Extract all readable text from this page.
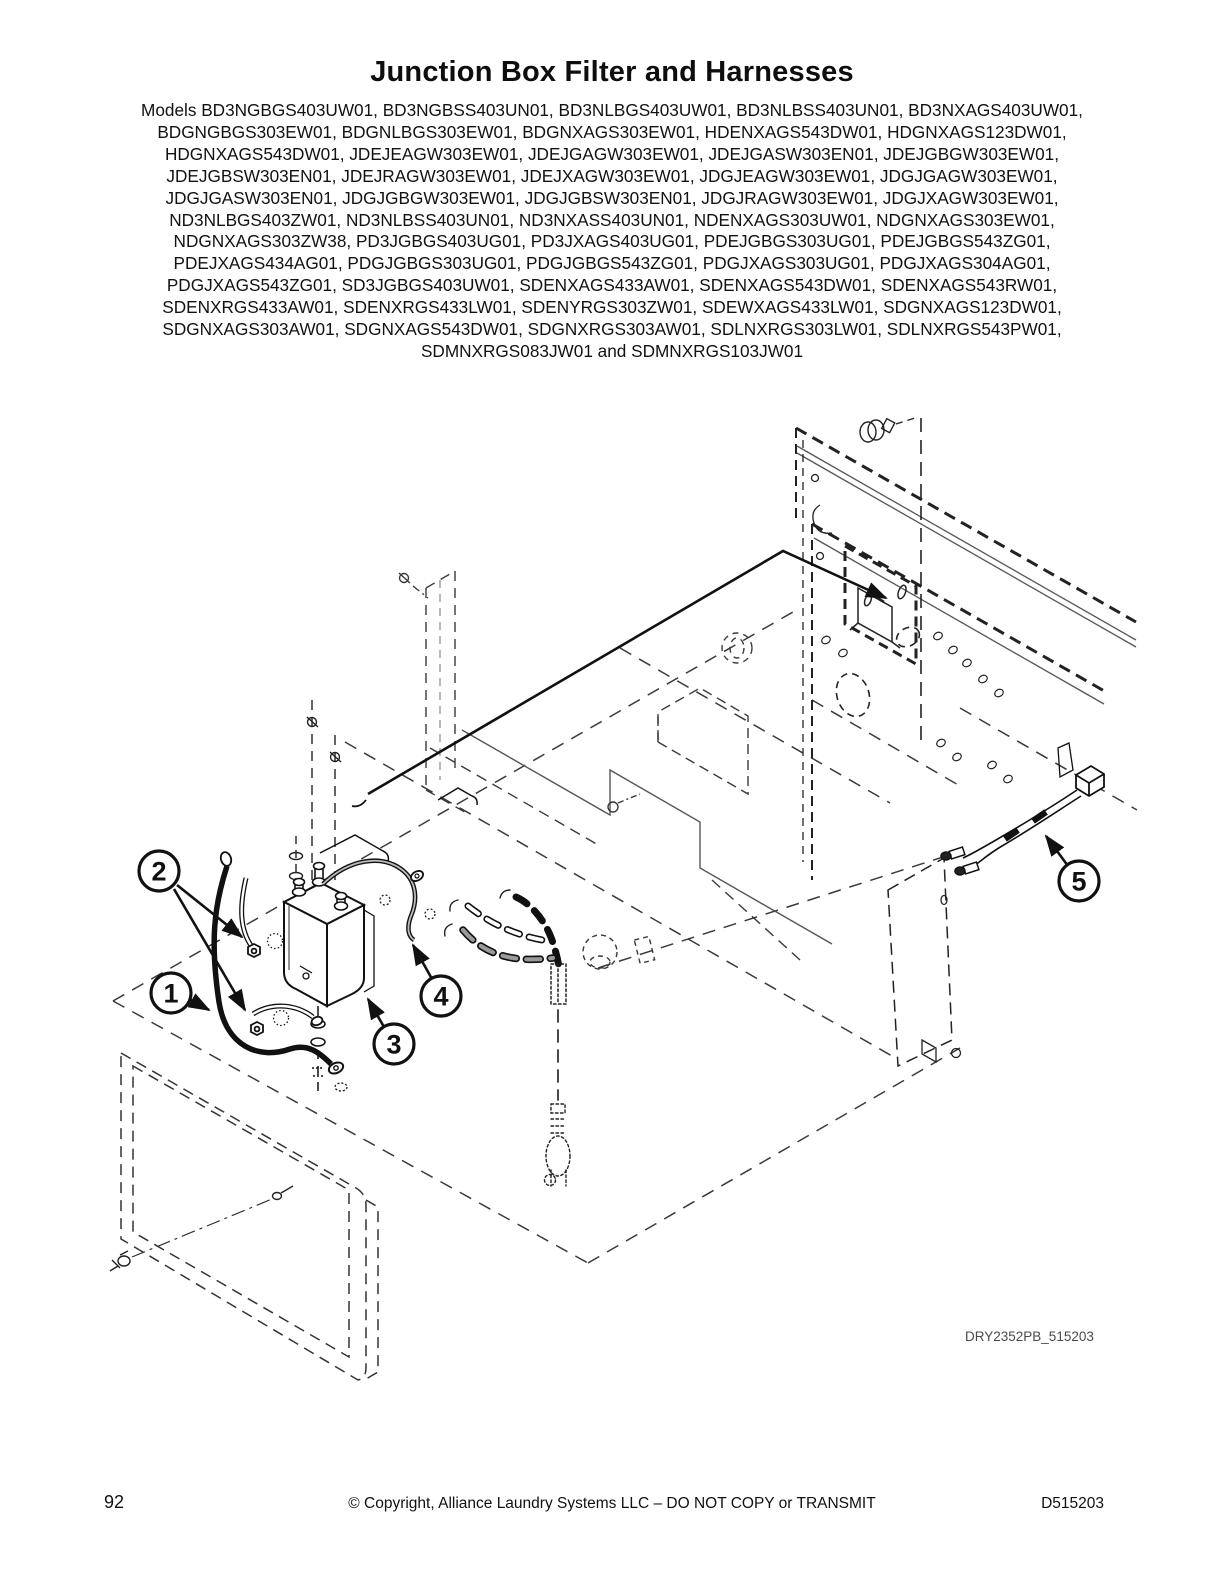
Junction Box Filter and Harnesses
Models BD3NGBGS403UW01, BD3NGBSS403UN01, BD3NLBGS403UW01, BD3NLBSS403UN01, BD3NXAGS403UW01,
BDGNGBGS303EW01, BDGNLBGS303EW01, BDGNXAGS303EW01, HDENXAGS543DW01, HDGNXAGS123DW01,
HDGNXAGS543DW01, JDEJEAGW303EW01, JDEJGAGW303EW01, JDEJGASW303EN01, JDEJGBGW303EW01,
JDEJGBSW303EN01, JDEJRAGW303EW01, JDEJXAGW303EW01, JDGJEAGW303EW01, JDGJGAGW303EW01,
JDGJGASW303EN01, JDGJGBGW303EW01, JDGJGBSW303EN01, JDGJRAGW303EW01, JDGJXAGW303EW01,
ND3NLBGS403ZW01, ND3NLBSS403UN01, ND3NXASS403UN01, NDENXAGS303UW01, NDGNXAGS303EW01,
NDGNXAGS303ZW38, PD3JGBGS403UG01, PD3JXAGS403UG01, PDEJGBGS303UG01, PDEJGBGS543ZG01,
PDEJXAGS434AG01, PDGJGBGS303UG01, PDGJGBGS543ZG01, PDGJXAGS303UG01, PDGJXAGS304AG01,
PDGJXAGS543ZG01, SD3JGBGS403UW01, SDENXAGS433AW01, SDENXAGS543DW01, SDENXAGS543RW01,
SDENXRGS433AW01, SDENXRGS433LW01, SDENYRGS303ZW01, SDEWXAGS433LW01, SDGNXAGS123DW01,
SDGNXAGS303AW01, SDGNXAGS543DW01, SDGNXRGS303AW01, SDLNXRGS303LW01, SDLNXRGS543PW01,
SDMNXRGS083JW01 and SDMNXRGS103JW01
1
2
3
4
5
DRY2352PB_515203
92	© Copyright, Alliance Laundry Systems LLC – DO NOT COPY or TRANSMIT	D515203
